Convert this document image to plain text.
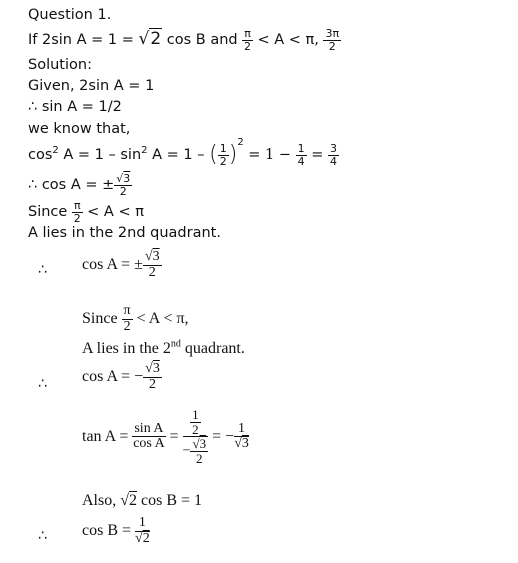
Question 1.
If 2sin A = 1 = √2 cos B and $\frac{\pi}{2} < A < \pi$, $\frac{3\pi}{2}$
Solution:
Given, 2sin A = 1
∴ sin A = 1/2
we know that,
$\cos^2 A = 1 - \sin^2 A = 1$ – ( $\frac{1}{2} )^2 = 1 - \frac{1}{4} = \frac{3}{4}$
∴ cos A = ± $\frac{√3}{2}$
Since $\frac{\pi}{2} < A < \pi$
A lies in the 2nd quadrant.
∴ cos A = ± $\frac{√3}{2}$
Since $\frac{\pi}{2} < A < \pi$,
A lies in the 2nd quadrant.
∴ cos A = − $\frac{√3}{2}$
$\tan A = \frac{\text{sin A}}{\text{cos A}} = \frac{\frac{1}{2}}{- \frac{√3}{2}}$ = − $\frac{1}{√3}$
Also, √2 cos B = 1
∴ $\cos B = \frac{1}{√2}$
